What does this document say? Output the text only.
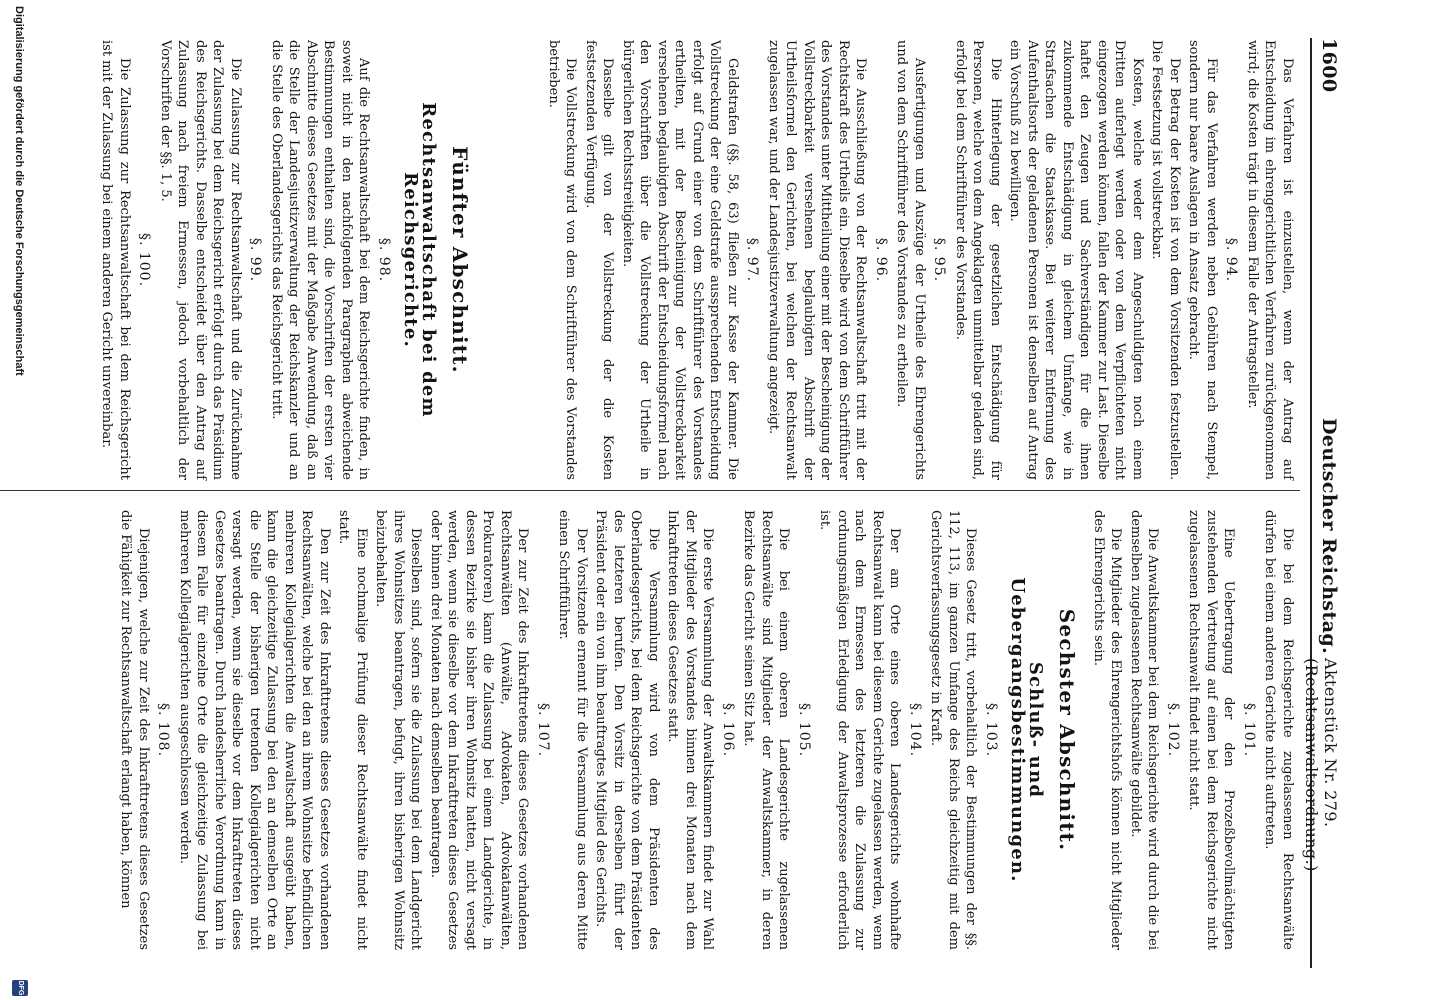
1600
Deutscher Reichstag.
Aktenstück Nr. 279. (Rechtsanwaltsordnung.)

Das Verfahren ist einzustellen, wenn der Antrag auf Entscheidung im ehrengerichtlichen Verfahren zurückgenommen wird; die Kosten trägt in diesem Falle der Antragsteller.

§. 94.

Für das Verfahren werden neben Gebühren nach Stempel, sondern nur baare Auslagen in Ansatz gebracht.

Der Betrag der Kosten ist von dem Vorsitzenden festzustellen. Die Festsetzung ist vollstreckbar.

Kosten, welche weder dem Angeschuldigten noch einem Dritten auferlegt werden oder von dem Verpflichteten nicht eingezogen werden können, fallen der Kammer zur Last. Dieselbe haftet den Zeugen und Sachverständigen für die ihnen zukommende Entschädigung in gleichem Umfange, wie in Strafsachen die Staatskasse. Bei weiterer Entfernung des Aufenthaltsorts der geladenen Personen ist denselben auf Antrag ein Vorschuß zu bewilligen.

Die Hinterlegung der gesetzlichen Entschädigung für Personen, welche von dem Angeklagten unmittelbar geladen sind, erfolgt bei dem Schriftführer des Vorstandes.

§. 95.

Ausfertigungen und Auszüge der Urtheile des Ehrengerichts und von dem Schriftführer des Vorstandes zu ertheilen.

§. 96.

Die Ausschließung von der Rechtsanwaltschaft tritt mit der Rechtskraft des Urtheils ein. Dieselbe wird von dem Schriftführer des Vorstandes unter Mittheilung einer mit der Bescheinigung der Vollstreckbarkeit versehenen beglaubigten Abschrift der Urtheilsformel den Gerichten, bei welchen der Rechtsanwalt zugelassen war, und der Landesjustizverwaltung angezeigt.

§. 97.

Geldstrafen (§§. 58, 63) fließen zur Kasse der Kammer. Die Vollstreckung der eine Geldstrafe aussprechenden Entscheidung erfolgt auf Grund einer von dem Schriftführer des Vorstandes ertheilten, mit der Bescheinigung der Vollstreckbarkeit versehenen beglaubigten Abschrift der Entscheidungsformel nach den Vorschriften über die Vollstreckung der Urtheile in bürgerlichen Rechtsstreitigkeiten.

Dasselbe gilt von der Vollstreckung der die Kosten festsetzenden Verfügung.

Die Vollstreckung wird von dem Schriftführer des Vorstandes betrieben.

Fünfter Abschnitt.

Rechtsanwaltschaft bei dem Reichsgerichte.

§. 98.

Auf die Rechtsanwaltschaft bei dem Reichsgerichte finden, in soweit nicht in den nachfolgenden Paragraphen abweichende Bestimmungen enthalten sind, die Vorschriften der ersten vier Abschnitte dieses Gesetzes mit der Maßgabe Anwendung, daß an die Stelle der Landesjustizverwaltung der Reichskanzler und an die Stelle des Oberlandesgerichts das Reichsgericht tritt.

§. 99.

Die Zulassung zur Rechtsanwaltschaft und die Zurücknahme der Zulassung bei dem Reichsgericht erfolgt durch das Präsidium des Reichsgerichts. Dasselbe entscheidet über den Antrag auf Zulassung nach freiem Ermessen, jedoch vorbehaltlich der Vorschriften der §§. 1, 5.

§. 100.

Die Zulassung zur Rechtsanwaltschaft bei dem Reichsgericht ist mit der Zulassung bei einem anderen Gericht unvereinbar.

Die bei dem Reichsgerichte zugelassenen Rechtsanwälte dürfen bei einem anderen Gerichte nicht auftreten.

§. 101.

Eine Uebertragung der den Prozeßbevollmächtigten zustehenden Vertretung auf einen bei dem Reichsgerichte nicht zugelassenen Rechtsanwalt findet nicht statt.

§. 102.

Die Anwaltskammer bei dem Reichsgerichte wird durch die bei demselben zugelassenen Rechtsanwälte gebildet.

Die Mitglieder des Ehrengerichtshofs können nicht Mitglieder des Ehrengerichts sein.

Sechster Abschnitt.

Schluß- und Uebergangsbestimmungen.

§. 103.

Dieses Gesetz tritt, vorbehaltlich der Bestimmungen der §§. 112, 113, im ganzen Umfange des Reichs gleichzeitig mit dem Gerichtsverfassungsgesetz in Kraft.

§. 104.

Der am Orte eines oberen Landesgerichts wohnhafte Rechtsanwalt kann bei diesem Gerichte zugelassen werden, wenn nach dem Ermessen des letzteren die Zulassung zur ordnungsmäßigen Erledigung der Anwaltsprozesse erforderlich ist.

§. 105.

Die bei einem oberen Landesgerichte zugelassenen Rechtsanwälte sind Mitglieder der Anwaltskammer, in deren Bezirke das Gericht seinen Sitz hat.

§. 106.

Die erste Versammlung der Anwaltskammern findet zur Wahl der Mitglieder des Vorstandes binnen drei Monaten nach dem Inkrafttreten dieses Gesetzes statt.

Die Versammlung wird von dem Präsidenten des Oberlandesgerichts, bei dem Reichsgerichte von dem Präsidenten des letzteren berufen. Den Vorsitz in derselben führt der Präsident oder ein von ihm beauftragtes Mitglied des Gerichts.

Der Vorsitzende ernennt für die Versammlung aus deren Mitte einen Schriftführer.

§. 107.

Der zur Zeit des Inkrafttretens dieses Gesetzes vorhandenen Rechtsanwälten (Anwälte, Advokaten, Advokatanwälten, Prokuratoren) kann die Zulassung bei einem Landgerichte, in dessen Bezirke sie bisher ihren Wohnsitz hatten, nicht versagt werden, wenn sie dieselbe vor dem Inkrafttreten dieses Gesetzes oder binnen drei Monaten nach demselben beantragen.

Dieselben sind, sofern sie die Zulassung bei dem Landgericht ihres Wohnsitzes beantragen, befugt, ihren bisherigen Wohnsitz beizubehalten.

Eine nochmalige Prüfung dieser Rechtsanwälte findet nicht statt.

Den zur Zeit des Inkrafttretens dieses Gesetzes vorhandenen Rechtsanwälten, welche bei den an ihrem Wohnsitze befindlichen mehreren Kollegialgerichten die Anwaltschaft ausgeübt haben, kann die gleichzeitige Zulassung bei den an demselben Orte an die Stelle der bisherigen tretenden Kollegialgerichten nicht versagt werden, wenn sie dieselbe vor dem Inkrafttreten dieses Gesetzes beantragen. Durch landesherrliche Verordnung kann in diesem Falle für einzelne Orte die gleichzeitige Zulassung bei mehreren Kollegialgerichten ausgeschlossen werden.

§. 108.

Diejenigen, welche zur Zeit des Inkrafttretens dieses Gesetzes die Fähigkeit zur Rechtsanwaltschaft erlangt haben, können

Digitalisierung gefördert durch die Deutsche Forschungsgemeinschaft
DFG
